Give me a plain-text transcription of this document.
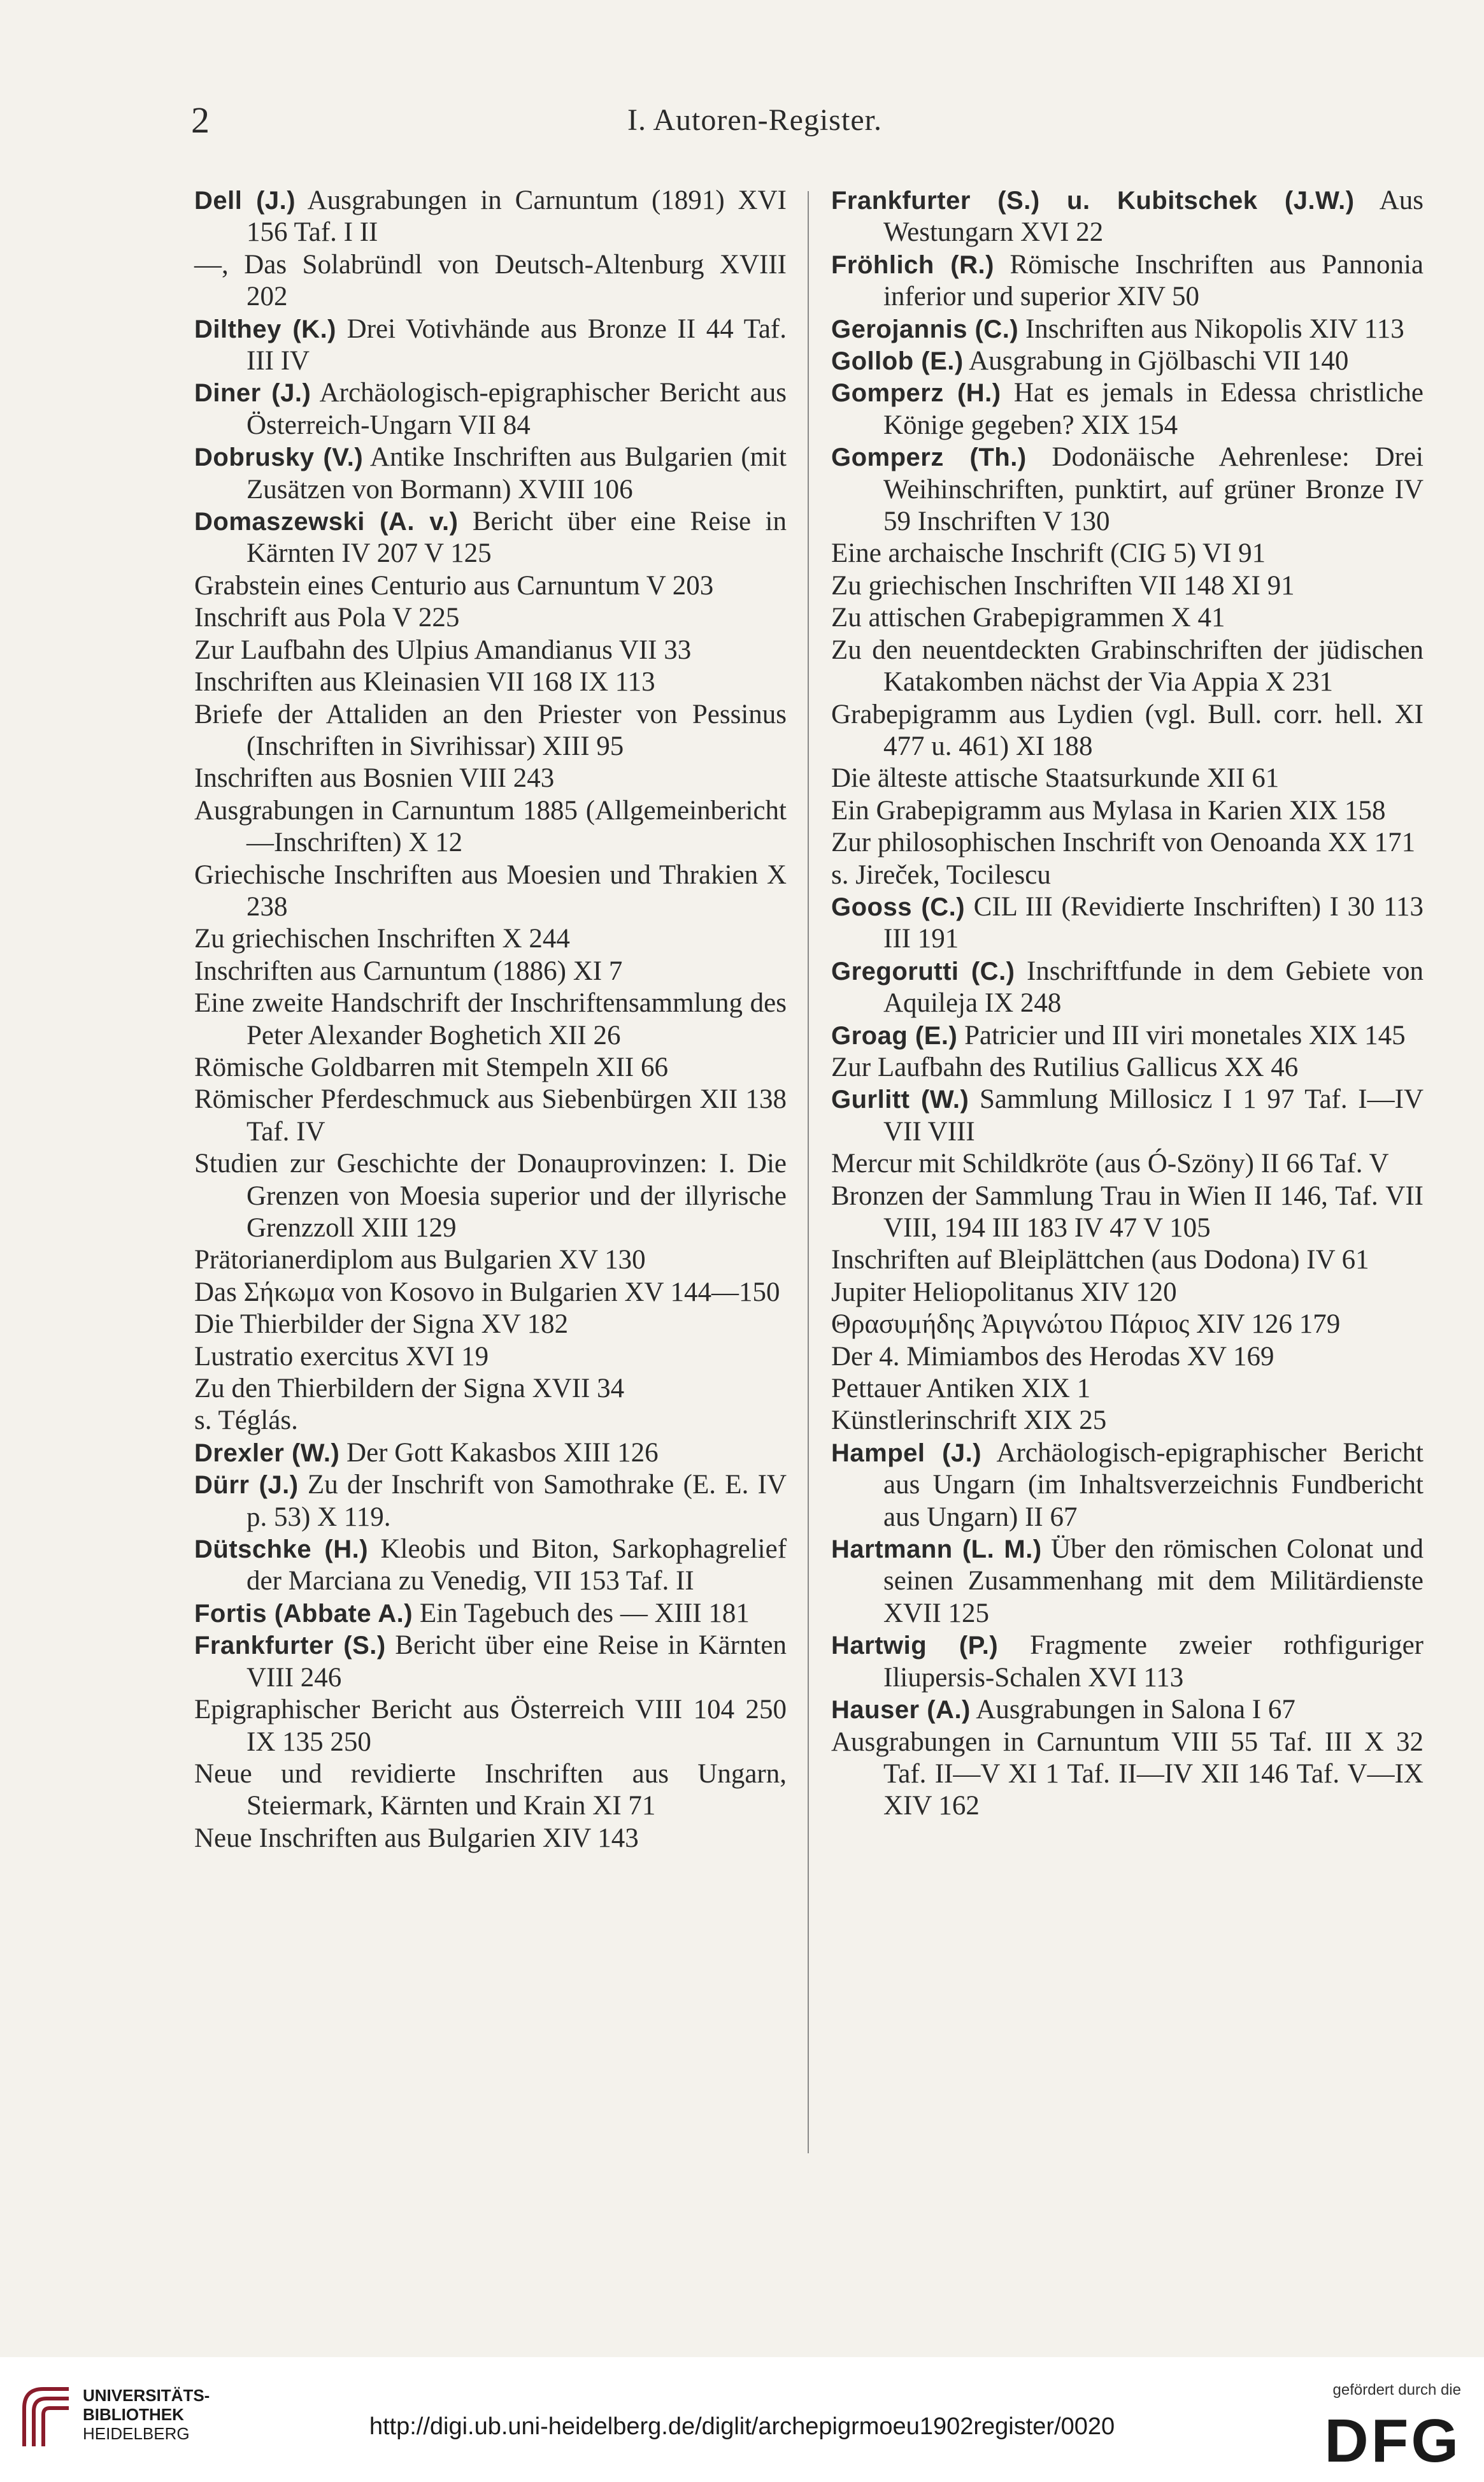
2	I. Autoren-Register.

Dell (J.) Ausgrabungen in Carnuntum (1891) XVI 156 Taf. I II

—, Das Solabründl von Deutsch-Altenburg XVIII 202

Dilthey (K.) Drei Votivhände aus Bronze II 44 Taf. III IV

Diner (J.) Archäologisch-epigraphischer Bericht aus Österreich-Ungarn VII 84

Dobrusky (V.) Antike Inschriften aus Bulgarien (mit Zusätzen von Bormann) XVIII 106

Domaszewski (A. v.) Bericht über eine Reise in Kärnten IV 207 V 125

Grabstein eines Centurio aus Carnuntum V 203

Inschrift aus Pola V 225

Zur Laufbahn des Ulpius Amandianus VII 33

Inschriften aus Kleinasien VII 168 IX 113

Briefe der Attaliden an den Priester von Pessinus (Inschriften in Sivrihissar) XIII 95

Inschriften aus Bosnien VIII 243

Ausgrabungen in Carnuntum 1885 (Allgemeinbericht—Inschriften) X 12

Griechische Inschriften aus Moesien und Thrakien X 238

Zu griechischen Inschriften X 244

Inschriften aus Carnuntum (1886) XI 7

Eine zweite Handschrift der Inschriftensammlung des Peter Alexander Boghetich XII 26

Römische Goldbarren mit Stempeln XII 66

Römischer Pferdeschmuck aus Siebenbürgen XII 138 Taf. IV

Studien zur Geschichte der Donauprovinzen: I. Die Grenzen von Moesia superior und der illyrische Grenzzoll XIII 129

Prätorianerdiplom aus Bulgarien XV 130

Das Σήκωμα von Kosovo in Bulgarien XV 144—150

Die Thierbilder der Signa XV 182

Lustratio exercitus XVI 19

Zu den Thierbildern der Signa XVII 34

s. Téglás.

Drexler (W.) Der Gott Kakasbos XIII 126

Dürr (J.) Zu der Inschrift von Samothrake (E. E. IV p. 53) X 119.

Dütschke (H.) Kleobis und Biton, Sarkophagrelief der Marciana zu Venedig, VII 153 Taf. II

Fortis (Abbate A.) Ein Tagebuch des — XIII 181

Frankfurter (S.) Bericht über eine Reise in Kärnten VIII 246

Epigraphischer Bericht aus Österreich VIII 104 250 IX 135 250

Neue und revidierte Inschriften aus Ungarn, Steiermark, Kärnten und Krain XI 71

Neue Inschriften aus Bulgarien XIV 143

Frankfurter (S.) u. Kubitschek (J.W.) Aus Westungarn XVI 22

Fröhlich (R.) Römische Inschriften aus Pannonia inferior und superior XIV 50

Gerojannis (C.) Inschriften aus Nikopolis XIV 113

Gollob (E.) Ausgrabung in Gjölbaschi VII 140

Gomperz (H.) Hat es jemals in Edessa christliche Könige gegeben? XIX 154

Gomperz (Th.) Dodonäische Aehrenlese: Drei Weihinschriften, punktirt, auf grüner Bronze IV 59 Inschriften V 130

Eine archaische Inschrift (CIG 5) VI 91

Zu griechischen Inschriften VII 148 XI 91

Zu attischen Grabepigrammen X 41

Zu den neuentdeckten Grabinschriften der jüdischen Katakomben nächst der Via Appia X 231

Grabepigramm aus Lydien (vgl. Bull. corr. hell. XI 477 u. 461) XI 188

Die älteste attische Staatsurkunde XII 61

Ein Grabepigramm aus Mylasa in Karien XIX 158

Zur philosophischen Inschrift von Oenoanda XX 171

s. Jireček, Tocilescu

Gooss (C.) CIL III (Revidierte Inschriften) I 30 113 III 191

Gregorutti (C.) Inschriftfunde in dem Gebiete von Aquileja IX 248

Groag (E.) Patricier und III viri monetales XIX 145

Zur Laufbahn des Rutilius Gallicus XX 46

Gurlitt (W.) Sammlung Millosicz I 1 97 Taf. I—IV VII VIII

Mercur mit Schildkröte (aus Ó-Szöny) II 66 Taf. V

Bronzen der Sammlung Trau in Wien II 146, Taf. VII VIII, 194 III 183 IV 47 V 105

Inschriften auf Bleiplättchen (aus Dodona) IV 61

Jupiter Heliopolitanus XIV 120

Θρασυμήδης Ἀριγνώτου Πάριος XIV 126 179

Der 4. Mimiambos des Herodas XV 169

Pettauer Antiken XIX 1

Künstlerinschrift XIX 25

Hampel (J.) Archäologisch-epigraphischer Bericht aus Ungarn (im Inhaltsverzeichnis Fundbericht aus Ungarn) II 67

Hartmann (L. M.) Über den römischen Colonat und seinen Zusammenhang mit dem Militärdienste XVII 125

Hartwig (P.) Fragmente zweier rothfiguriger Iliupersis-Schalen XVI 113

Hauser (A.) Ausgrabungen in Salona I 67

Ausgrabungen in Carnuntum VIII 55 Taf. III X 32 Taf. II—V XI 1 Taf. II—IV XII 146 Taf. V—IX XIV 162

UNIVERSITÄTS-
BIBLIOTHEK
HEIDELBERG	http://digi.ub.uni-heidelberg.de/diglit/archepigrmoeu1902register/0020
gefördert durch die
DFG
